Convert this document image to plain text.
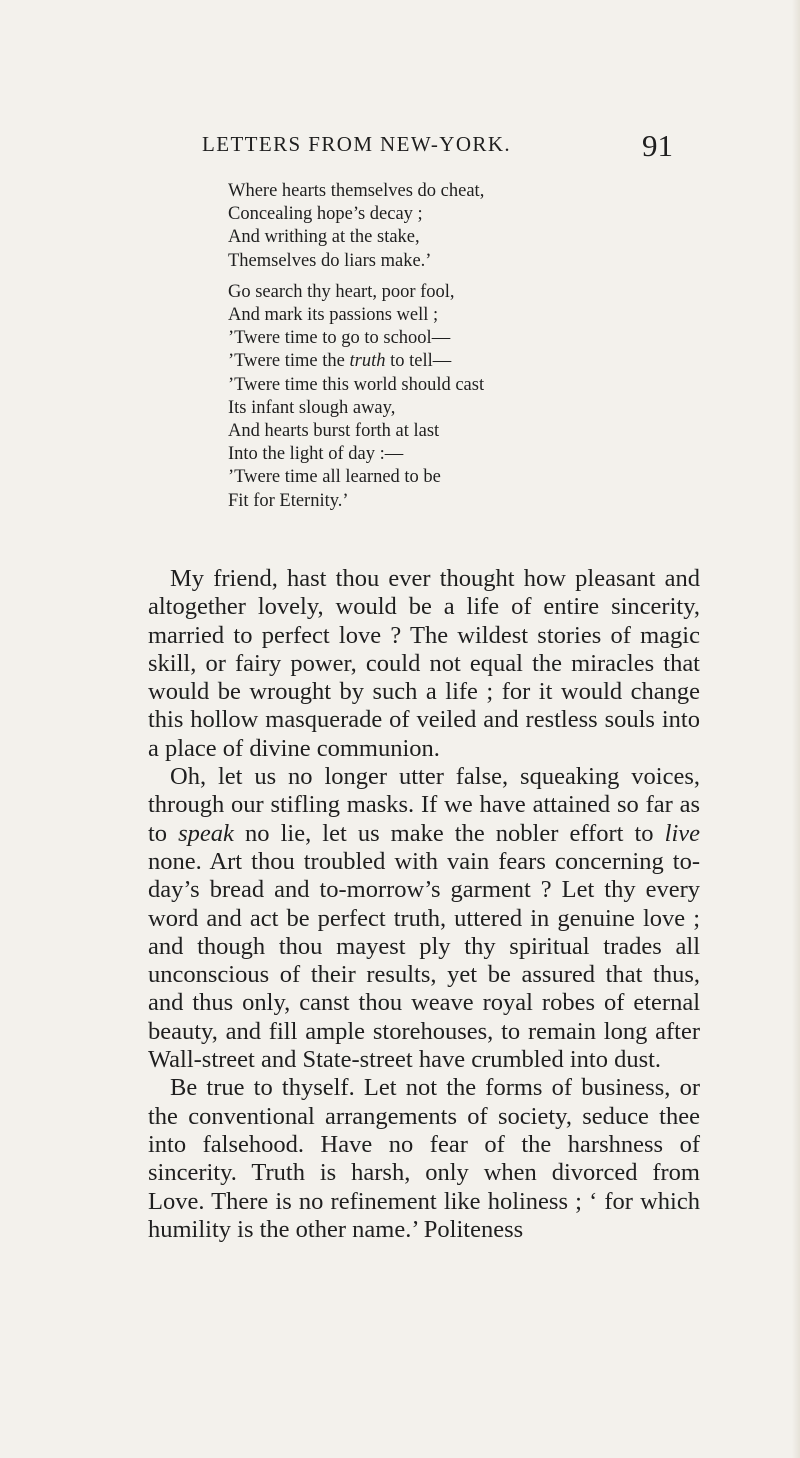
LETTERS FROM NEW-YORK.	91
Where hearts themselves do cheat,
Concealing hope’s decay ;
And writhing at the stake,
Themselves do liars make.’
Go search thy heart, poor fool,
And mark its passions well ;
’Twere time to go to school—
’Twere time the truth to tell—
’Twere time this world should cast
Its infant slough away,
And hearts burst forth at last
Into the light of day :—
’Twere time all learned to be
Fit for Eternity.’

My friend, hast thou ever thought how pleasant and altogether lovely, would be a life of entire sincerity, married to perfect love ? The wildest stories of magic skill, or fairy power, could not equal the miracles that would be wrought by such a life ; for it would change this hollow masquerade of veiled and restless souls into a place of divine communion.

Oh, let us no longer utter false, squeaking voices, through our stifling masks. If we have attained so far as to speak no lie, let us make the nobler effort to live none. Art thou troubled with vain fears concerning to-day’s bread and to-morrow’s garment ? Let thy every word and act be perfect truth, uttered in genuine love ; and though thou mayest ply thy spiritual trades all unconscious of their results, yet be assured that thus, and thus only, canst thou weave royal robes of eternal beauty, and fill ample storehouses, to remain long after Wall-street and State-street have crumbled into dust.

Be true to thyself. Let not the forms of business, or the conventional arrangements of society, seduce thee into falsehood. Have no fear of the harshness of sincerity. Truth is harsh, only when divorced from Love. There is no refinement like holiness ; ‘ for which humility is the other name.’ Politeness
